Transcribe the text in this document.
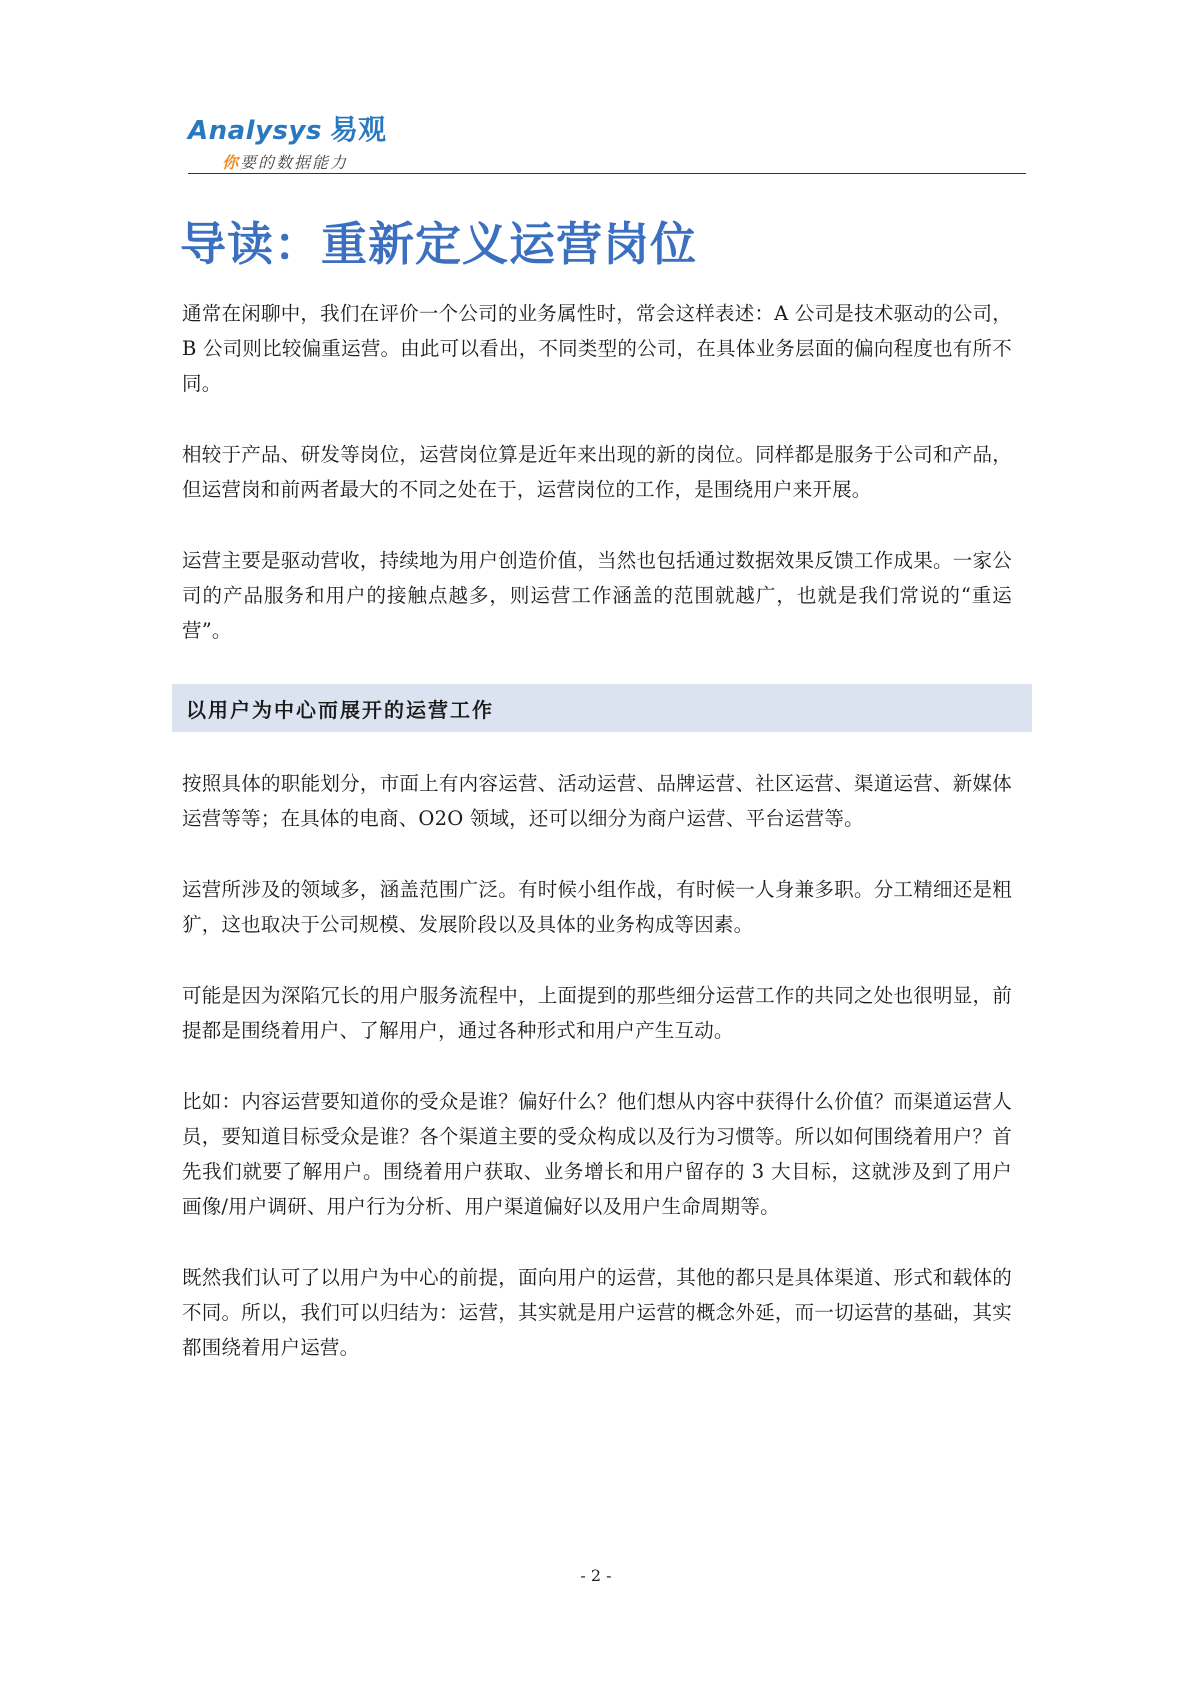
Analysys 易观
你要的数据能力
导读：重新定义运营岗位

通常在闲聊中，我们在评价一个公司的业务属性时，常会这样表述：A 公司是技术驱动的公司，B 公司则比较偏重运营。由此可以看出，不同类型的公司，在具体业务层面的偏向程度也有所不同。

相较于产品、研发等岗位，运营岗位算是近年来出现的新的岗位。同样都是服务于公司和产品，但运营岗和前两者最大的不同之处在于，运营岗位的工作，是围绕用户来开展。

运营主要是驱动营收，持续地为用户创造价值，当然也包括通过数据效果反馈工作成果。一家公司的产品服务和用户的接触点越多，则运营工作涵盖的范围就越广，也就是我们常说的“重运营”。

以用户为中心而展开的运营工作

按照具体的职能划分，市面上有内容运营、活动运营、品牌运营、社区运营、渠道运营、新媒体运营等等；在具体的电商、O2O 领域，还可以细分为商户运营、平台运营等。

运营所涉及的领域多，涵盖范围广泛。有时候小组作战，有时候一人身兼多职。分工精细还是粗犷，这也取决于公司规模、发展阶段以及具体的业务构成等因素。

可能是因为深陷冗长的用户服务流程中，上面提到的那些细分运营工作的共同之处也很明显，前提都是围绕着用户、了解用户，通过各种形式和用户产生互动。

比如：内容运营要知道你的受众是谁？偏好什么？他们想从内容中获得什么价值？而渠道运营人员，要知道目标受众是谁？各个渠道主要的受众构成以及行为习惯等。所以如何围绕着用户？首先我们就要了解用户。围绕着用户获取、业务增长和用户留存的 3 大目标，这就涉及到了用户画像/用户调研、用户行为分析、用户渠道偏好以及用户生命周期等。

既然我们认可了以用户为中心的前提，面向用户的运营，其他的都只是具体渠道、形式和载体的不同。所以，我们可以归结为：运营，其实就是用户运营的概念外延，而一切运营的基础，其实都围绕着用户运营。

- 2 -
